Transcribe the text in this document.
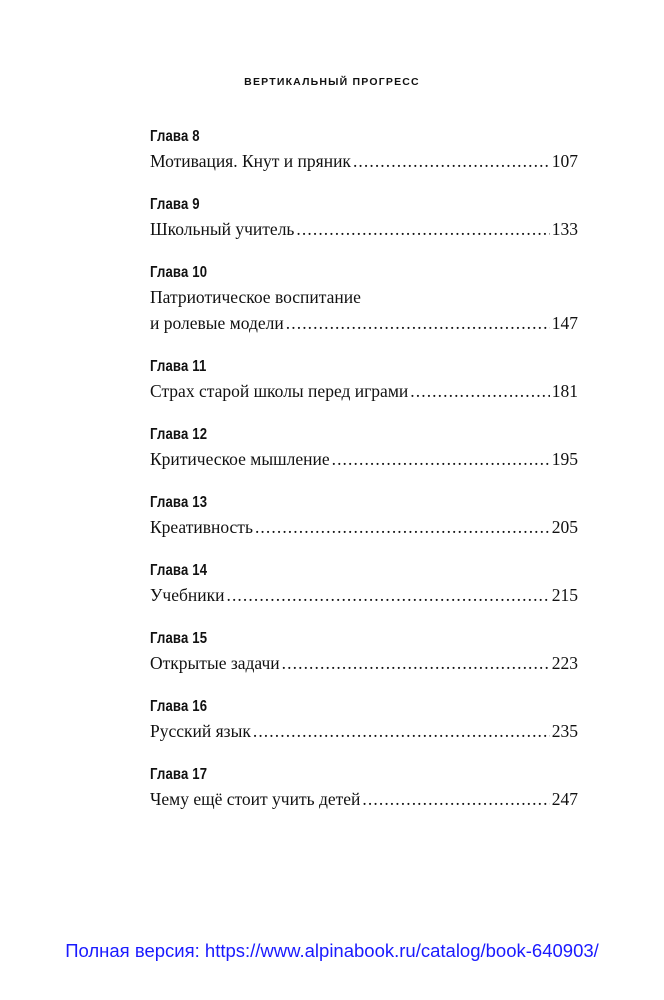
ВЕРТИКАЛЬНЫЙ ПРОГРЕСС
Глава 8
Мотивация. Кнут и пряник .....	107
Глава 9
Школьный учитель .....	133
Глава 10
Патриотическое воспитание
и ролевые модели .....	147
Глава 11
Страх старой школы перед играми .....	181
Глава 12
Критическое мышление .....	195
Глава 13
Креативность .....	205
Глава 14
Учебники .....	215
Глава 15
Открытые задачи .....	223
Глава 16
Русский язык .....	235
Глава 17
Чему ещё стоит учить детей .....	247
Полная версия: https://www.alpinabook.ru/catalog/book-640903/
